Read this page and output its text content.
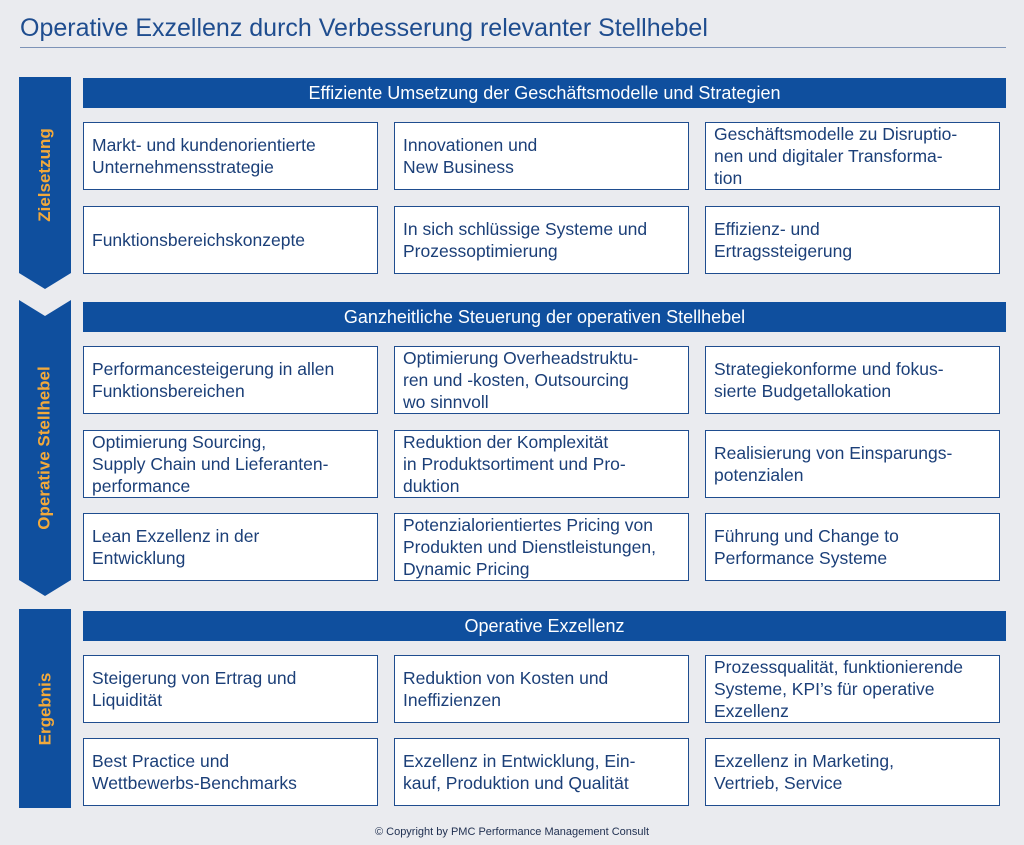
Operative Exzellenz durch Verbesserung relevanter Stellhebel
Zielsetzung
Effiziente Umsetzung der Geschäftsmodelle und Strategien
Markt- und kundenorientierte
Unternehmensstrategie
Innovationen und
New Business
Geschäftsmodelle zu Disruptio-
nen und digitaler Transforma-
tion
Funktionsbereichskonzepte
In sich schlüssige Systeme und
Prozessoptimierung
Effizienz- und
Ertragssteigerung
Operative Stellhebel
Ganzheitliche Steuerung der operativen Stellhebel
Performancesteigerung in allen
Funktionsbereichen
Optimierung Overheadstruktu-
ren und -kosten, Outsourcing
wo sinnvoll
Strategiekonforme und fokus-
sierte Budgetallokation
Optimierung Sourcing,
Supply Chain und Lieferanten-
performance
Reduktion der Komplexität
in Produktsortiment und Pro-
duktion
Realisierung von Einsparungs-
potenzialen
Lean Exzellenz in der
Entwicklung
Potenzialorientiertes Pricing von
Produkten und Dienstleistungen,
Dynamic Pricing
Führung und Change to
Performance Systeme
Ergebnis
Operative Exzellenz
Steigerung von Ertrag und
Liquidität
Reduktion von Kosten und
Ineffizienzen
Prozessqualität, funktionierende
Systeme, KPI’s für operative
Exzellenz
Best Practice und
Wettbewerbs-Benchmarks
Exzellenz in Entwicklung, Ein-
kauf, Produktion und Qualität
Exzellenz in Marketing,
Vertrieb, Service
© Copyright by PMC Performance Management Consult
